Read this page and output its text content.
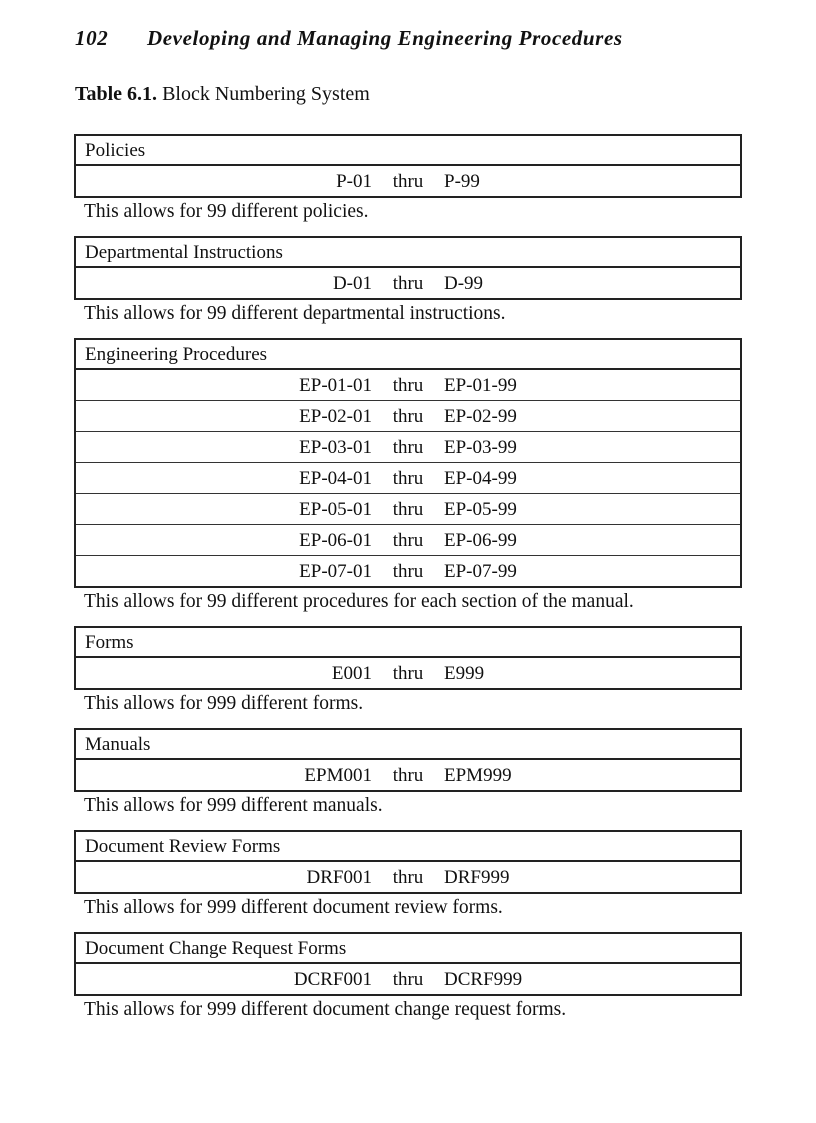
102 Developing and Managing Engineering Procedures
Table 6.1. Block Numbering System
Policies
P-01 thru P-99
This allows for 99 different policies.
Departmental Instructions
D-01 thru D-99
This allows for 99 different departmental instructions.
Engineering Procedures
EP-01-01 thru EP-01-99
EP-02-01 thru EP-02-99
EP-03-01 thru EP-03-99
EP-04-01 thru EP-04-99
EP-05-01 thru EP-05-99
EP-06-01 thru EP-06-99
EP-07-01 thru EP-07-99
This allows for 99 different procedures for each section of the manual.
Forms
E001 thru E999
This allows for 999 different forms.
Manuals
EPM001 thru EPM999
This allows for 999 different manuals.
Document Review Forms
DRF001 thru DRF999
This allows for 999 different document review forms.
Document Change Request Forms
DCRF001 thru DCRF999
This allows for 999 different document change request forms.
